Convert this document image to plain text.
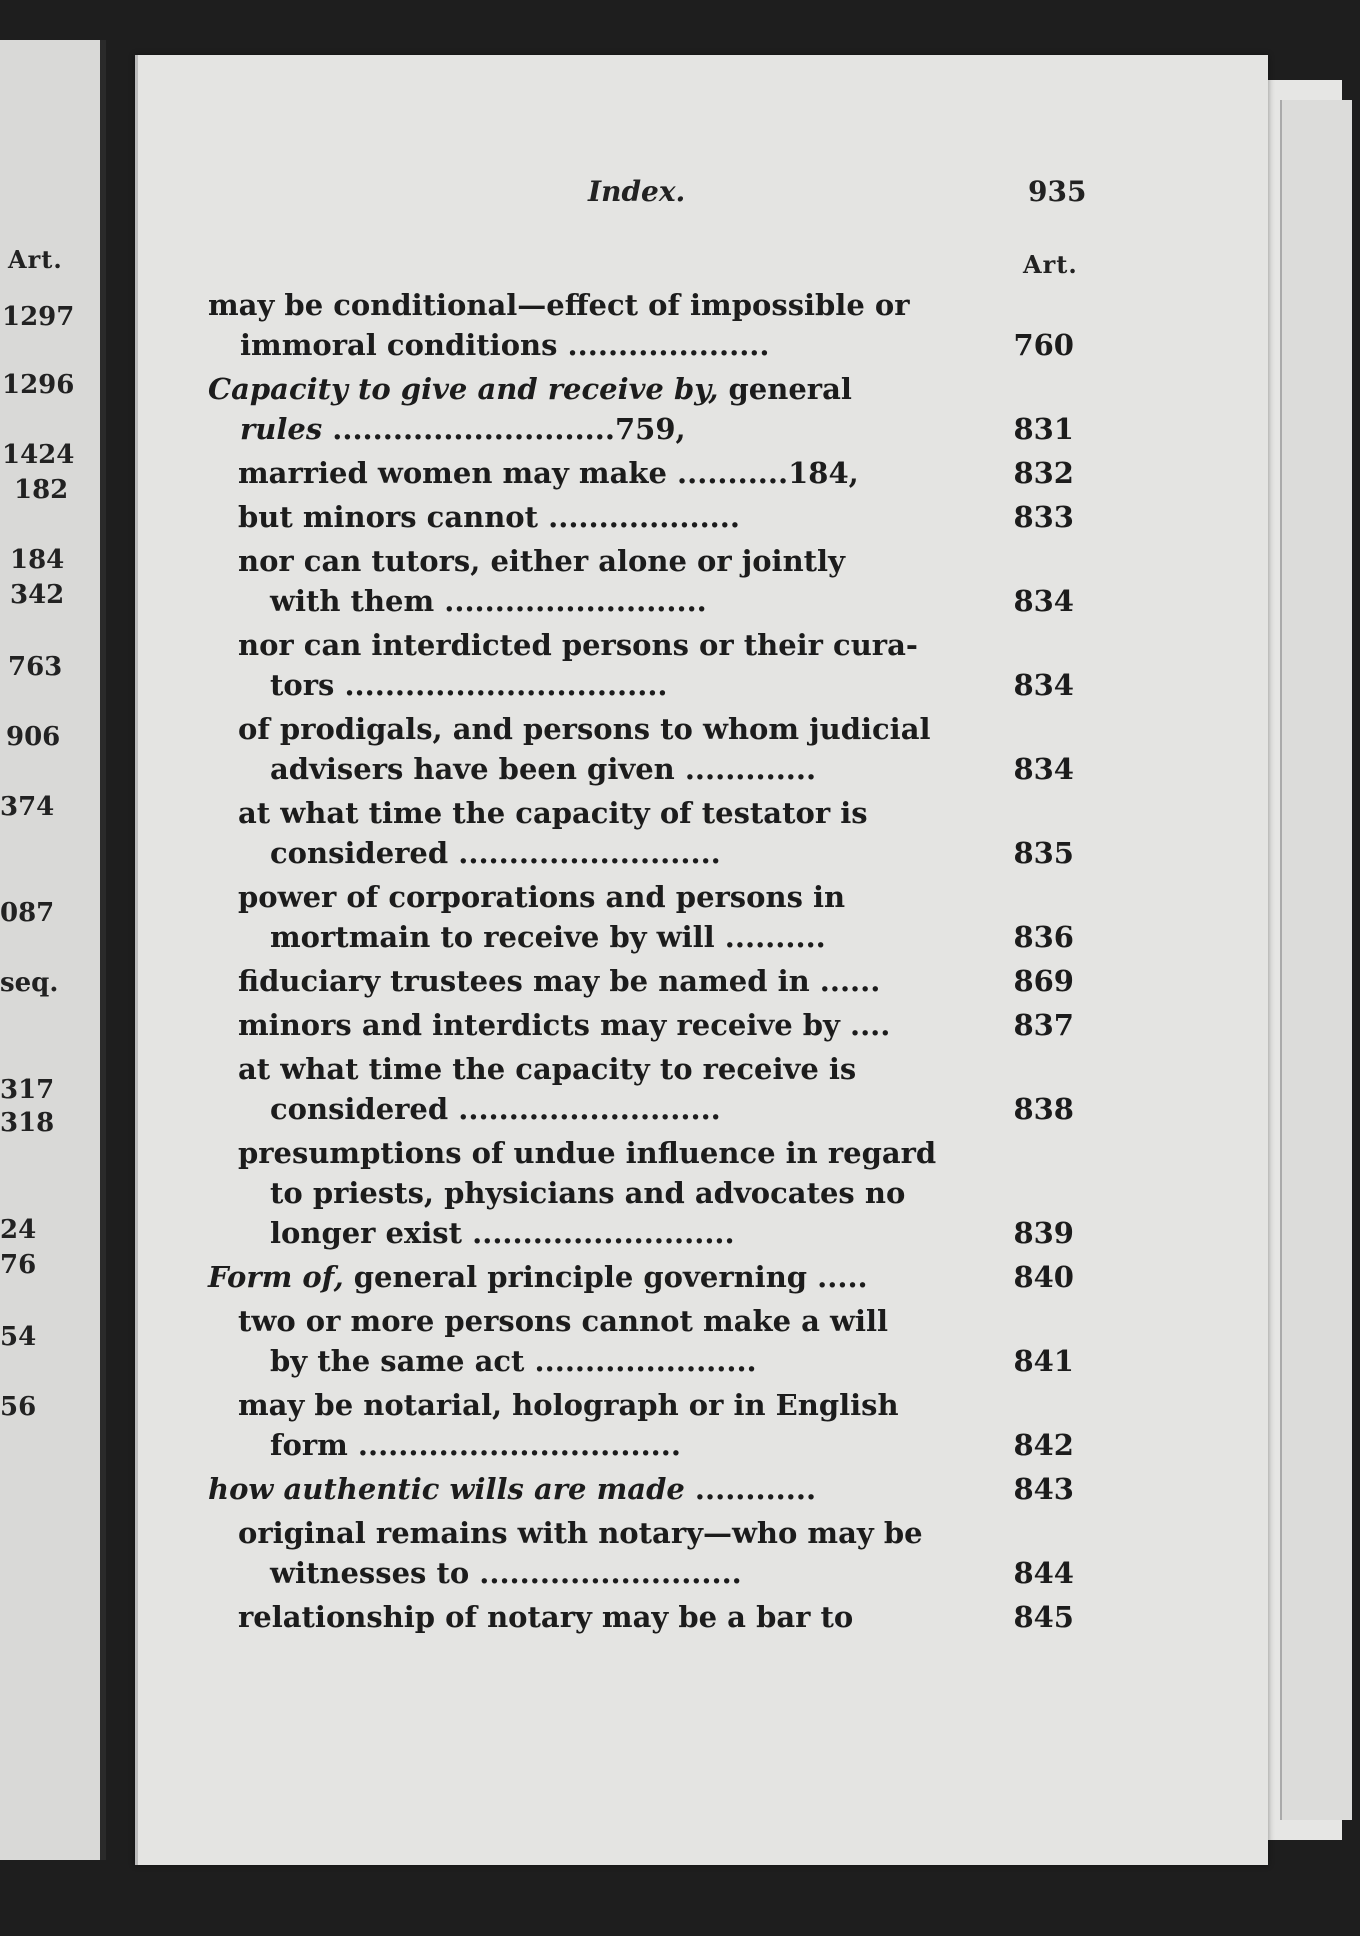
Art.
1297
1296
1424
182
184
342
763
906
374
087
seq.
317
318
24
76
54
56
Index.	935
Art.
may be conditional—effect of impossible or
immoral conditions ....................	760
Capacity to give and receive by, general
rules ............................759,	831
married women may make ...........184,	832
but minors cannot ...................	833
nor can tutors, either alone or jointly
with them ..........................	834
nor can interdicted persons or their cura-
tors ................................	834
of prodigals, and persons to whom judicial
advisers have been given .............	834
at what time the capacity of testator is
considered ..........................	835
power of corporations and persons in
mortmain to receive by will ..........	836
fiduciary trustees may be named in ......	869
minors and interdicts may receive by ....	837
at what time the capacity to receive is
considered ..........................	838
presumptions of undue influence in regard
to priests, physicians and advocates no
longer exist ..........................	839
Form of, general principle governing .....	840
two or more persons cannot make a will
by the same act ......................	841
may be notarial, holograph or in English
form ................................	842
how authentic wills are made ............	843
original remains with notary—who may be
witnesses to ..........................	844
relationship of notary may be a bar to	845
